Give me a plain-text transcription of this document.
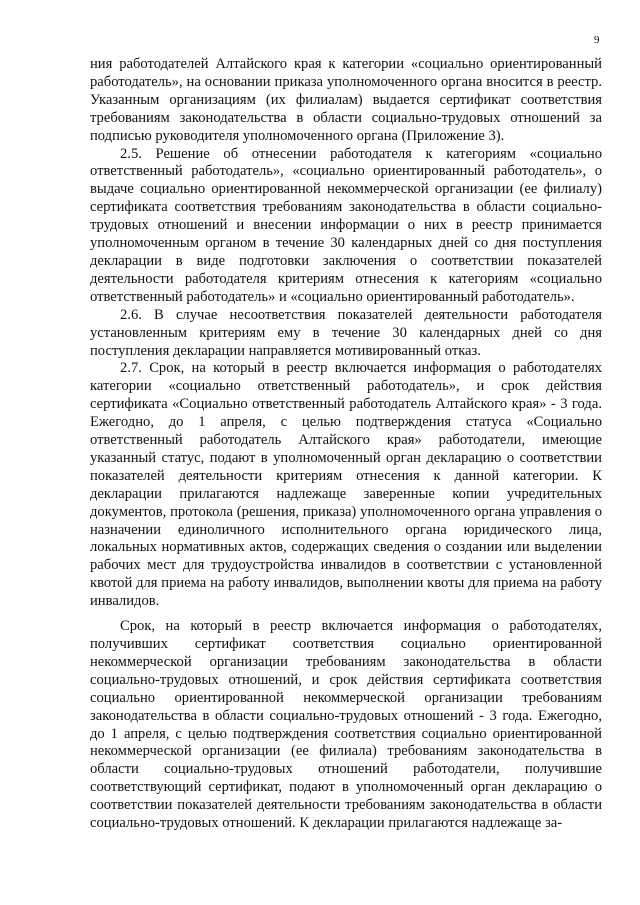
9

ния работодателей Алтайского края к категории «социально ориентированный работодатель», на основании приказа уполномоченного органа вносится в реестр. Указанным организациям (их филиалам) выдается сертификат соответствия требованиям законодательства в области социально-трудовых отношений за подписью руководителя уполномоченного органа (Приложение 3).

2.5. Решение об отнесении работодателя к категориям «социально ответственный работодатель», «социально ориентированный работодатель», о выдаче социально ориентированной некоммерческой организации (ее филиалу) сертификата соответствия требованиям законодательства в области социально-трудовых отношений и внесении информации о них в реестр принимается уполномоченным органом в течение 30 календарных дней со дня поступления декларации в виде подготовки заключения о соответствии показателей деятельности работодателя критериям отнесения к категориям «социально ответственный работодатель» и «социально ориентированный работодатель».

2.6. В случае несоответствия показателей деятельности работодателя установленным критериям ему в течение 30 календарных дней со дня поступления декларации направляется мотивированный отказ.

2.7. Срок, на который в реестр включается информация о работодателях категории «социально ответственный работодатель», и срок действия сертификата «Социально ответственный работодатель Алтайского края» - 3 года. Ежегодно, до 1 апреля, с целью подтверждения статуса «Социально ответственный работодатель Алтайского края» работодатели, имеющие указанный статус, подают в уполномоченный орган декларацию о соответствии показателей деятельности критериям отнесения к данной категории. К декларации прилагаются надлежаще заверенные копии учредительных документов, протокола (решения, приказа) уполномоченного органа управления о назначении единоличного исполнительного органа юридического лица, локальных нормативных актов, содержащих сведения о создании или выделении рабочих мест для трудоустройства инвалидов в соответствии с установленной квотой для приема на работу инвалидов, выполнении квоты для приема на работу инвалидов.

Срок, на который в реестр включается информация о работодателях, получивших сертификат соответствия социально ориентированной некоммерческой организации требованиям законодательства в области социально-трудовых отношений, и срок действия сертификата соответствия социально ориентированной некоммерческой организации требованиям законодательства в области социально-трудовых отношений - 3 года. Ежегодно, до 1 апреля, с целью подтверждения соответствия социально ориентированной некоммерческой организации (ее филиала) требованиям законодательства в области социально-трудовых отношений работодатели, получившие соответствующий сертификат, подают в уполномоченный орган декларацию о соответствии показателей деятельности требованиям законодательства в области социально-трудовых отношений. К декларации прилагаются надлежаще за-
